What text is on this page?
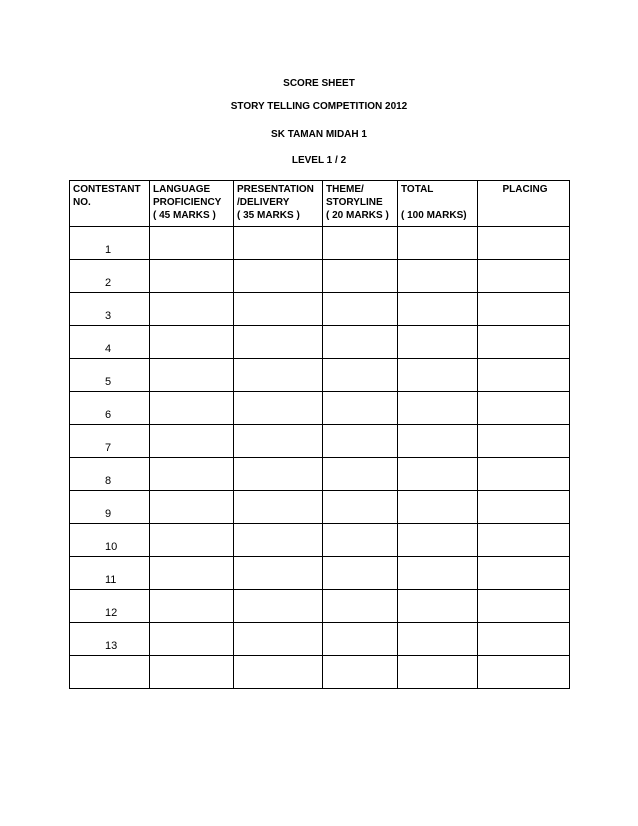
SCORE SHEET
STORY TELLING COMPETITION 2012
SK TAMAN MIDAH 1
LEVEL 1 / 2
CONTESTANT
NO.	LANGUAGE
PROFICIENCY
( 45 MARKS )	PRESENTATION
/DELIVERY
( 35 MARKS )	THEME/
STORYLINE
( 20 MARKS )	TOTAL

( 100 MARKS)	PLACING

1					
2					
3					
4					
5					
6					
7					
8					
9					
10					
11					
12					
13					
